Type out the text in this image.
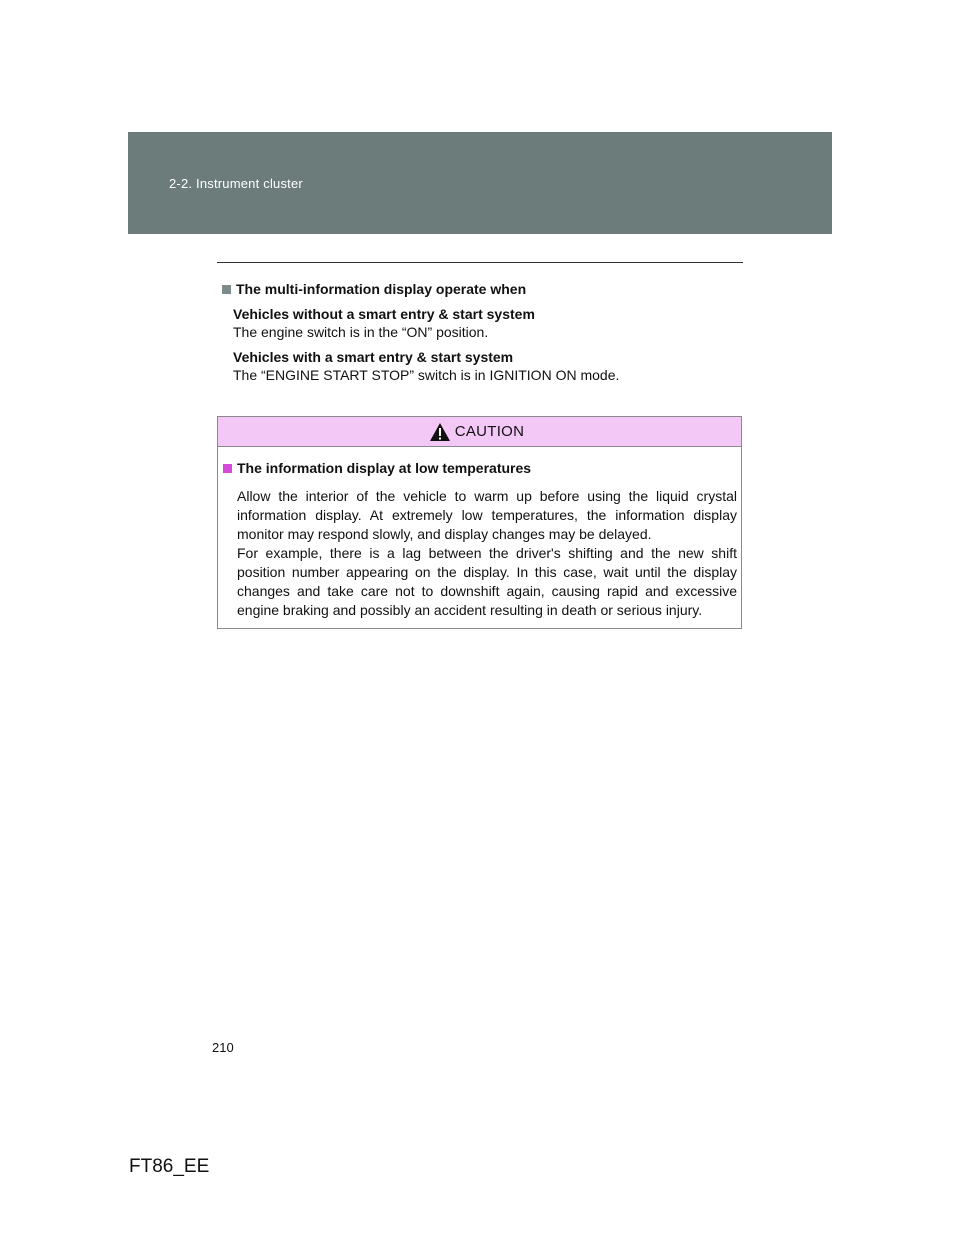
2-2. Instrument cluster
The multi-information display operate when
Vehicles without a smart entry & start system
The engine switch is in the “ON” position.
Vehicles with a smart entry & start system
The “ENGINE START STOP” switch is in IGNITION ON mode.
CAUTION
The information display at low temperatures
Allow the interior of the vehicle to warm up before using the liquid crystal information display. At extremely low temperatures, the information display monitor may respond slowly, and display changes may be delayed.
For example, there is a lag between the driver's shifting and the new shift position number appearing on the display. In this case, wait until the display changes and take care not to downshift again, causing rapid and excessive engine braking and possibly an accident resulting in death or serious injury.
210
FT86_EE
